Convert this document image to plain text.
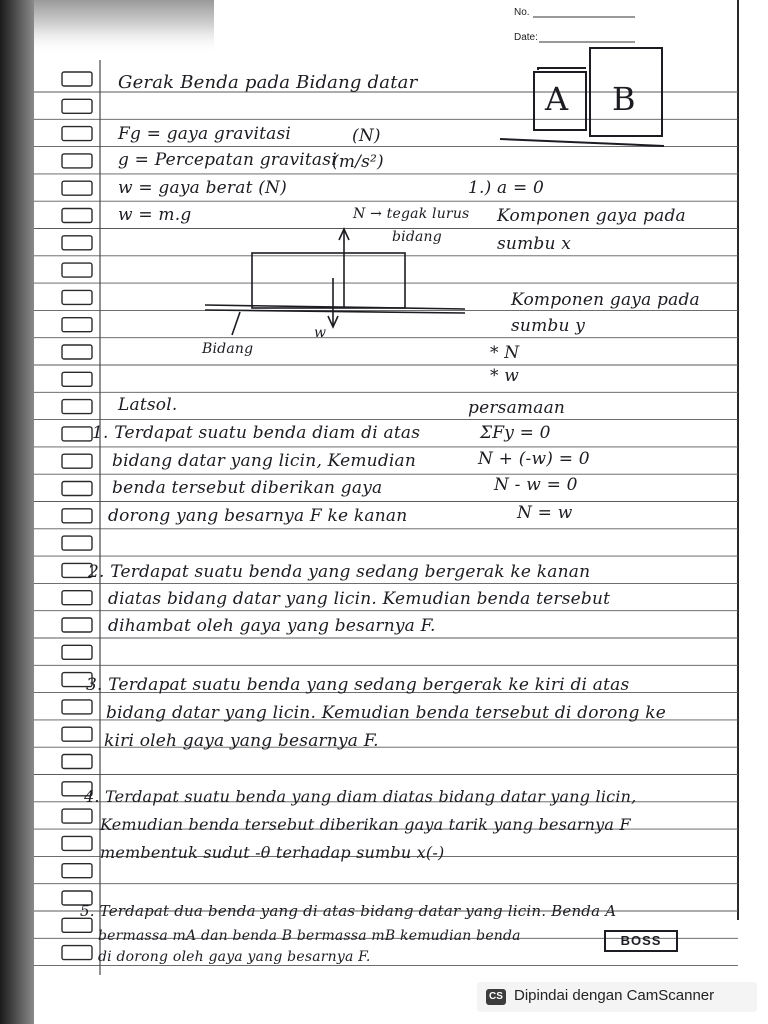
No.
Date:
Gerak Benda pada Bidang datar	A B
Fg = gaya gravitasi	(N)
g = Percepatan gravitasi
(m/s²)
w = gaya berat (N)
w = m.g
1.) a = 0
N → tegak lurus
bidang
w
Bidang
Komponen gaya pada
sumbu x
Komponen gaya pada
sumbu y
* N
* w
Latsol.	persamaan
ΣFy = 0
N + (-w) = 0
N - w = 0
N = w
1. Terdapat suatu benda diam di atas
bidang datar yang licin, Kemudian
benda tersebut diberikan gaya
dorong yang besarnya F ke kanan
2. Terdapat suatu benda yang sedang bergerak ke kanan
diatas bidang datar yang licin. Kemudian benda tersebut
dihambat oleh gaya yang besarnya F.
3. Terdapat suatu benda yang sedang bergerak ke kiri di atas
bidang datar yang licin. Kemudian benda tersebut di dorong ke
kiri oleh gaya yang besarnya F.
4. Terdapat suatu benda yang diam diatas bidang datar yang licin,
Kemudian benda tersebut diberikan gaya tarik yang besarnya F
membentuk sudut -θ terhadap sumbu x(-)
5. Terdapat dua benda yang di atas bidang datar yang licin. Benda A
bermassa mA dan benda B bermassa mB kemudian benda
di dorong oleh gaya yang besarnya F.
BOSS
CS Dipindai dengan CamScanner
